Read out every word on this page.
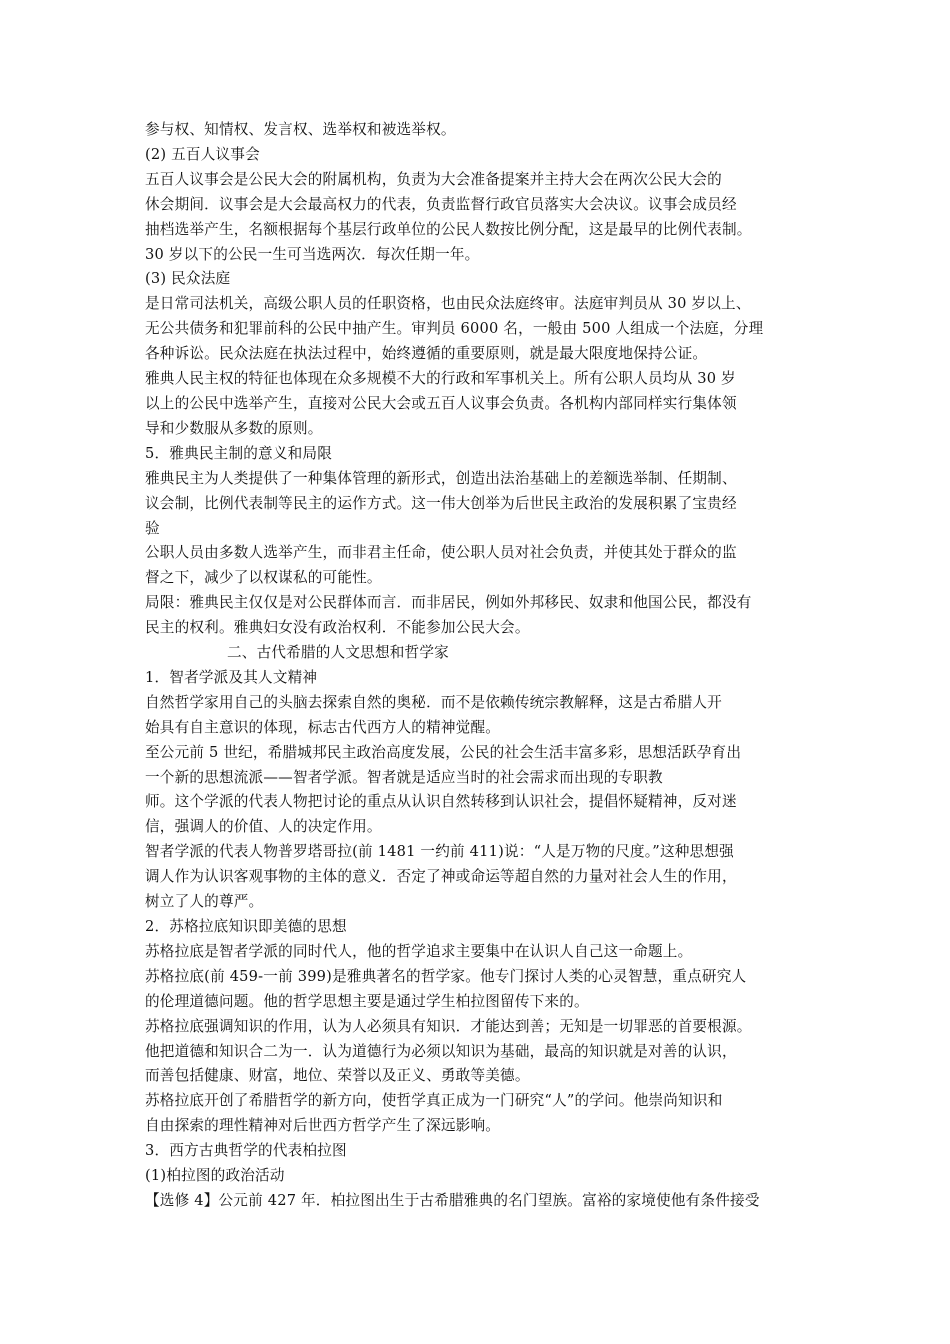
参与权、知情权、发言权、选举权和被选举权。

(2) 五百人议事会

五百人议事会是公民大会的附属机构，负责为大会准备提案并主持大会在两次公民大会的

休会期间．议事会是大会最高权力的代表，负责监督行政官员落实大会决议。议事会成员经

抽档选举产生，名额根据每个基层行政单位的公民人数按比例分配，这是最早的比例代表制。

30 岁以下的公民一生可当选两次．每次任期一年。

(3) 民众法庭

是日常司法机关，高级公职人员的任职资格，也由民众法庭终审。法庭审判员从 30 岁以上、

无公共债务和犯罪前科的公民中抽产生。审判员 6000 名，一般由 500 人组成一个法庭，分理

各种诉讼。民众法庭在执法过程中，始终遵循的重要原则，就是最大限度地保持公证。

雅典人民主权的特征也体现在众多规模不大的行政和军事机关上。所有公职人员均从 30 岁

以上的公民中选举产生，直接对公民大会或五百人议事会负责。各机构内部同样实行集体领

导和少数服从多数的原则。

5．雅典民主制的意义和局限

雅典民主为人类提供了一种集体管理的新形式，创造出法治基础上的差额选举制、任期制、

议会制，比例代表制等民主的运作方式。这一伟大创举为后世民主政治的发展积累了宝贵经

验

公职人员由多数人选举产生，而非君主任命，使公职人员对社会负责，并使其处于群众的监

督之下，减少了以权谋私的可能性。

局限：雅典民主仅仅是对公民群体而言．而非居民，例如外邦移民、奴隶和他国公民，都没有

民主的权利。雅典妇女没有政治权利．不能参加公民大会。

二、古代希腊的人文思想和哲学家

1．智者学派及其人文精神

自然哲学家用自己的头脑去探索自然的奥秘．而不是依赖传统宗教解释，这是古希腊人开

始具有自主意识的体现，标志古代西方人的精神觉醒。

至公元前 5 世纪，希腊城邦民主政治高度发展，公民的社会生活丰富多彩，思想活跃孕育出

一个新的思想流派——智者学派。智者就是适应当时的社会需求而出现的专职教

师。这个学派的代表人物把讨论的重点从认识自然转移到认识社会，提倡怀疑精神，反对迷

信，强调人的价值、人的决定作用。

智者学派的代表人物普罗塔哥拉(前 1481 一约前 411)说：“人是万物的尺度。”这种思想强

调人作为认识客观事物的主体的意义．否定了神或命运等超自然的力量对社会人生的作用，

树立了人的尊严。

2．苏格拉底知识即美德的思想

苏格拉底是智者学派的同时代人，他的哲学追求主要集中在认识人自己这一命题上。

苏格拉底(前 459-一前 399)是雅典著名的哲学家。他专门探讨人类的心灵智慧，重点研究人

的伦理道德问题。他的哲学思想主要是通过学生柏拉图留传下来的。

苏格拉底强调知识的作用，认为人必须具有知识．才能达到善；无知是一切罪恶的首要根源。

他把道德和知识合二为一．认为道德行为必须以知识为基础，最高的知识就是对善的认识，

而善包括健康、财富，地位、荣誉以及正义、勇敢等美德。

苏格拉底开创了希腊哲学的新方向，使哲学真正成为一门研究“人”的学问。他崇尚知识和

自由探索的理性精神对后世西方哲学产生了深远影响。

3．西方古典哲学的代表柏拉图

(1)柏拉图的政治活动

【选修 4】公元前 427 年．柏拉图出生于古希腊雅典的名门望族。富裕的家境使他有条件接受
